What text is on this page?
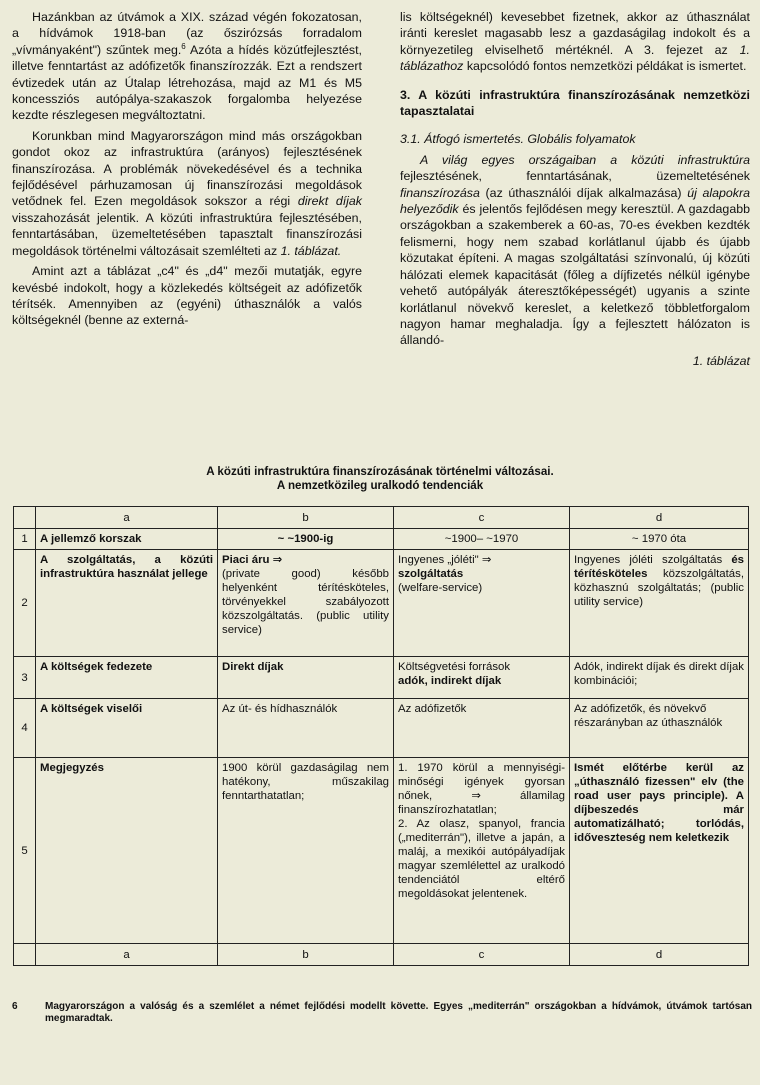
Hazánkban az útvámok a XIX. század végén fokozatosan, a hídvámok 1918-ban (az őszirózsás forradalom „vívmányaként") szűntek meg.$^6$ Azóta a hídés közútfejlesztést, illetve fenntartást az adófizetők finanszírozzák. Ezt a rendszert évtizedek után az Útalap létrehozása, majd az M1 és M5 koncessziós autópálya-szakaszok forgalomba helyezése kezdte részlegesen megváltoztatni.

Korunkban mind Magyarországon mind más országokban gondot okoz az infrastruktúra (arányos) fejlesztésének finanszírozása. A problémák növekedésével és a technika fejlődésével párhuzamosan új finanszírozási megoldások vetődnek fel. Ezen megoldások sokszor a régi direkt díjak visszahozását jelentik. A közúti infrastruktúra fejlesztésében, fenntartásában, üzemeltetésében tapasztalt finanszírozási megoldások történelmi változásait szemlélteti az 1. táblázat.

Amint azt a táblázat „c4" és „d4" mezői mutatják, egyre kevésbé indokolt, hogy a közlekedés költségeit az adófizetők térítsék. Amennyiben az (egyéni) úthasználók a valós költségeknél (benne az externá-

lis költségeknél) kevesebbet fizetnek, akkor az úthasználat iránti kereslet magasabb lesz a gazdaságilag indokolt és a környezetileg elviselhető mértéknél. A 3. fejezet az 1. táblázathoz kapcsolódó fontos nemzetközi példákat is ismertet.

3. A közúti infrastruktúra finanszírozásának nemzetközi tapasztalatai

3.1. Átfogó ismertetés. Globális folyamatok

A világ egyes országaiban a közúti infrastruktúra fejlesztésének, fenntartásának, üzemeltetésének finanszírozása (az úthasználói díjak alkalmazása) új alapokra helyeződik és jelentős fejlődésen megy keresztül. A gazdagabb országokban a szakemberek a 60-as, 70-es években kezdték felismerni, hogy nem szabad korlátlanul újabb és újabb közutakat építeni. A magas szolgáltatási színvonalú, új közúti hálózati elemek kapacitását (főleg a díjfizetés nélkül igénybe vehető autópályák áteresztőképességét) ugyanis a szinte korlátlanul növekvő kereslet, a keletkező többletforgalom nagyon hamar meghaladja. Így a fejlesztett hálózaton is állandó-

1. táblázat

A közúti infrastruktúra finanszírozásának történelmi változásai.
A nemzetközileg uralkodó tendenciák
	a	b	c	d
1	A jellemző korszak	~ ~1900-ig	~1900– ~1970	~ 1970 óta
2	A szolgáltatás, a közúti infrastruktúra használat jellege	Piaci áru ⇒
(private good) később helyenként térítésköteles, törvényekkel szabályozott közszolgáltatás. (public utility service)	Ingyenes „jóléti" ⇒
szolgáltatás
(welfare-service)	Ingyenes jóléti szolgáltatás és térítésköteles közszolgáltatás, közhasznú szolgáltatás; (public utility service)
3	A költségek fedezete	Direkt díjak	Költségvetési források
adók, indirekt díjak	Adók, indirekt díjak és direkt díjak kombinációi;
4	A költségek viselői	Az út- és hídhasználók	Az adófizetők	Az adófizetők, és növekvő részarányban az úthasználók
5	Megjegyzés	1900 körül gazdaságilag nem hatékony, műszakilag fenntarthatatlan;	1. 1970 körül a mennyiségi-minőségi igények gyorsan nőnek, ⇒ államilag finanszírozhatatlan;
2. Az olasz, spanyol, francia („mediterrán"), illetve a japán, a maláj, a mexikói autópályadíjak magyar szemlélettel az uralkodó tendenciától eltérő megoldásokat jelentenek.	Ismét előtérbe kerül az „úthasználó fizessen" elv (the road user pays principle). A díjbeszedés már automatizálható; torlódás, időveszteség nem keletkezik
	a	b	c	d
6	Magyarországon a valóság és a szemlélet a német fejlődési modellt követte. Egyes „mediterrán" országokban a hídvámok, útvámok tartósan megmaradtak.
